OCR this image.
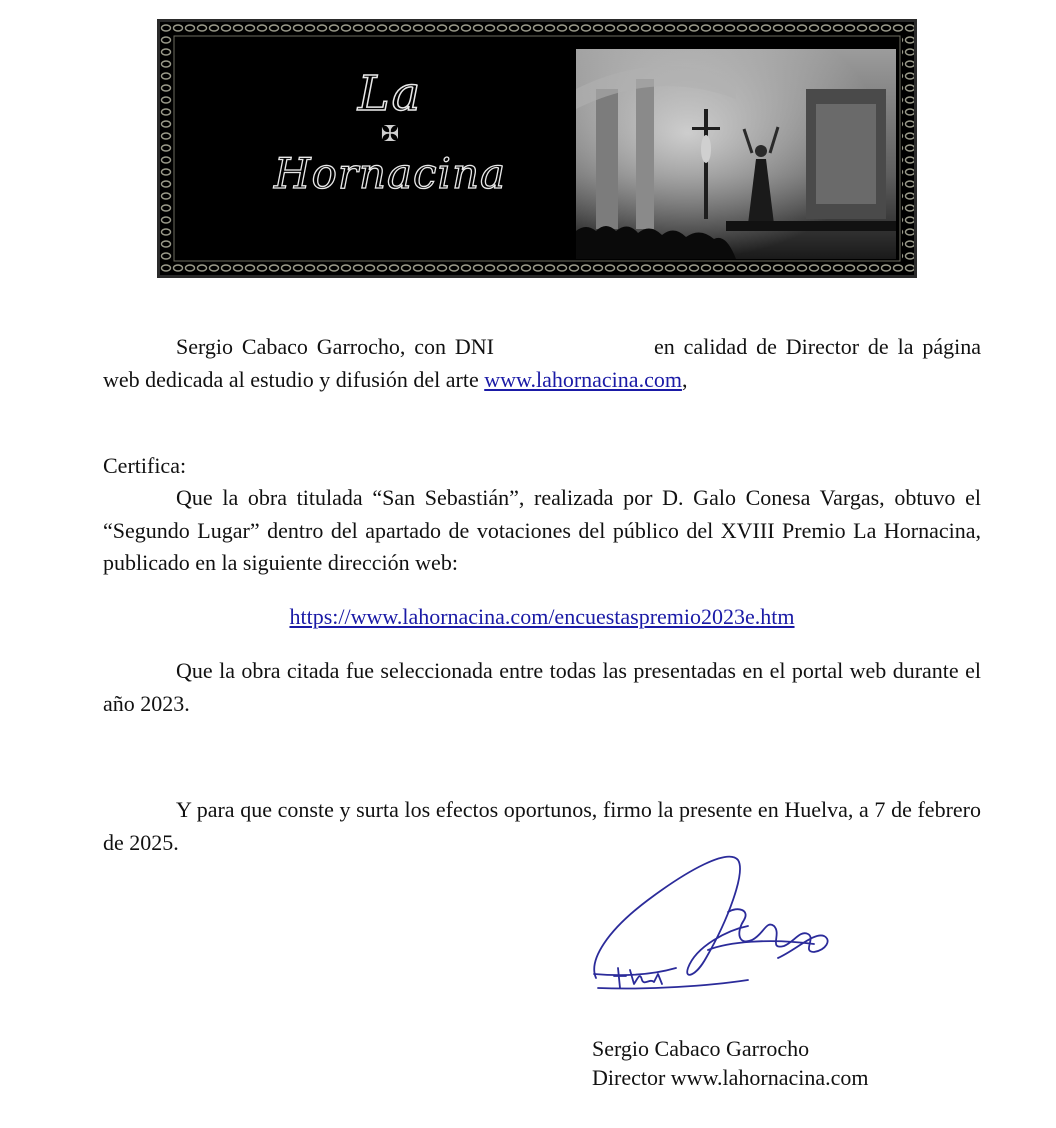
La
✠
Hornacina

Sergio Cabaco Garrocho, con DNI	en calidad de Director de la página web dedicada al estudio y difusión del arte www.lahornacina.com,

Certifica:

Que la obra titulada “San Sebastián”, realizada por D. Galo Conesa Vargas, obtuvo el “Segundo Lugar” dentro del apartado de votaciones del público del XVIII Premio La Hornacina, publicado en la siguiente dirección web:

https://www.lahornacina.com/encuestaspremio2023e.htm

Que la obra citada fue seleccionada entre todas las presentadas en el portal web durante el año 2023.

Y para que conste y surta los efectos oportunos, firmo la presente en Huelva, a 7 de febrero de 2025.

Sergio Cabaco Garrocho
Director www.lahornacina.com
